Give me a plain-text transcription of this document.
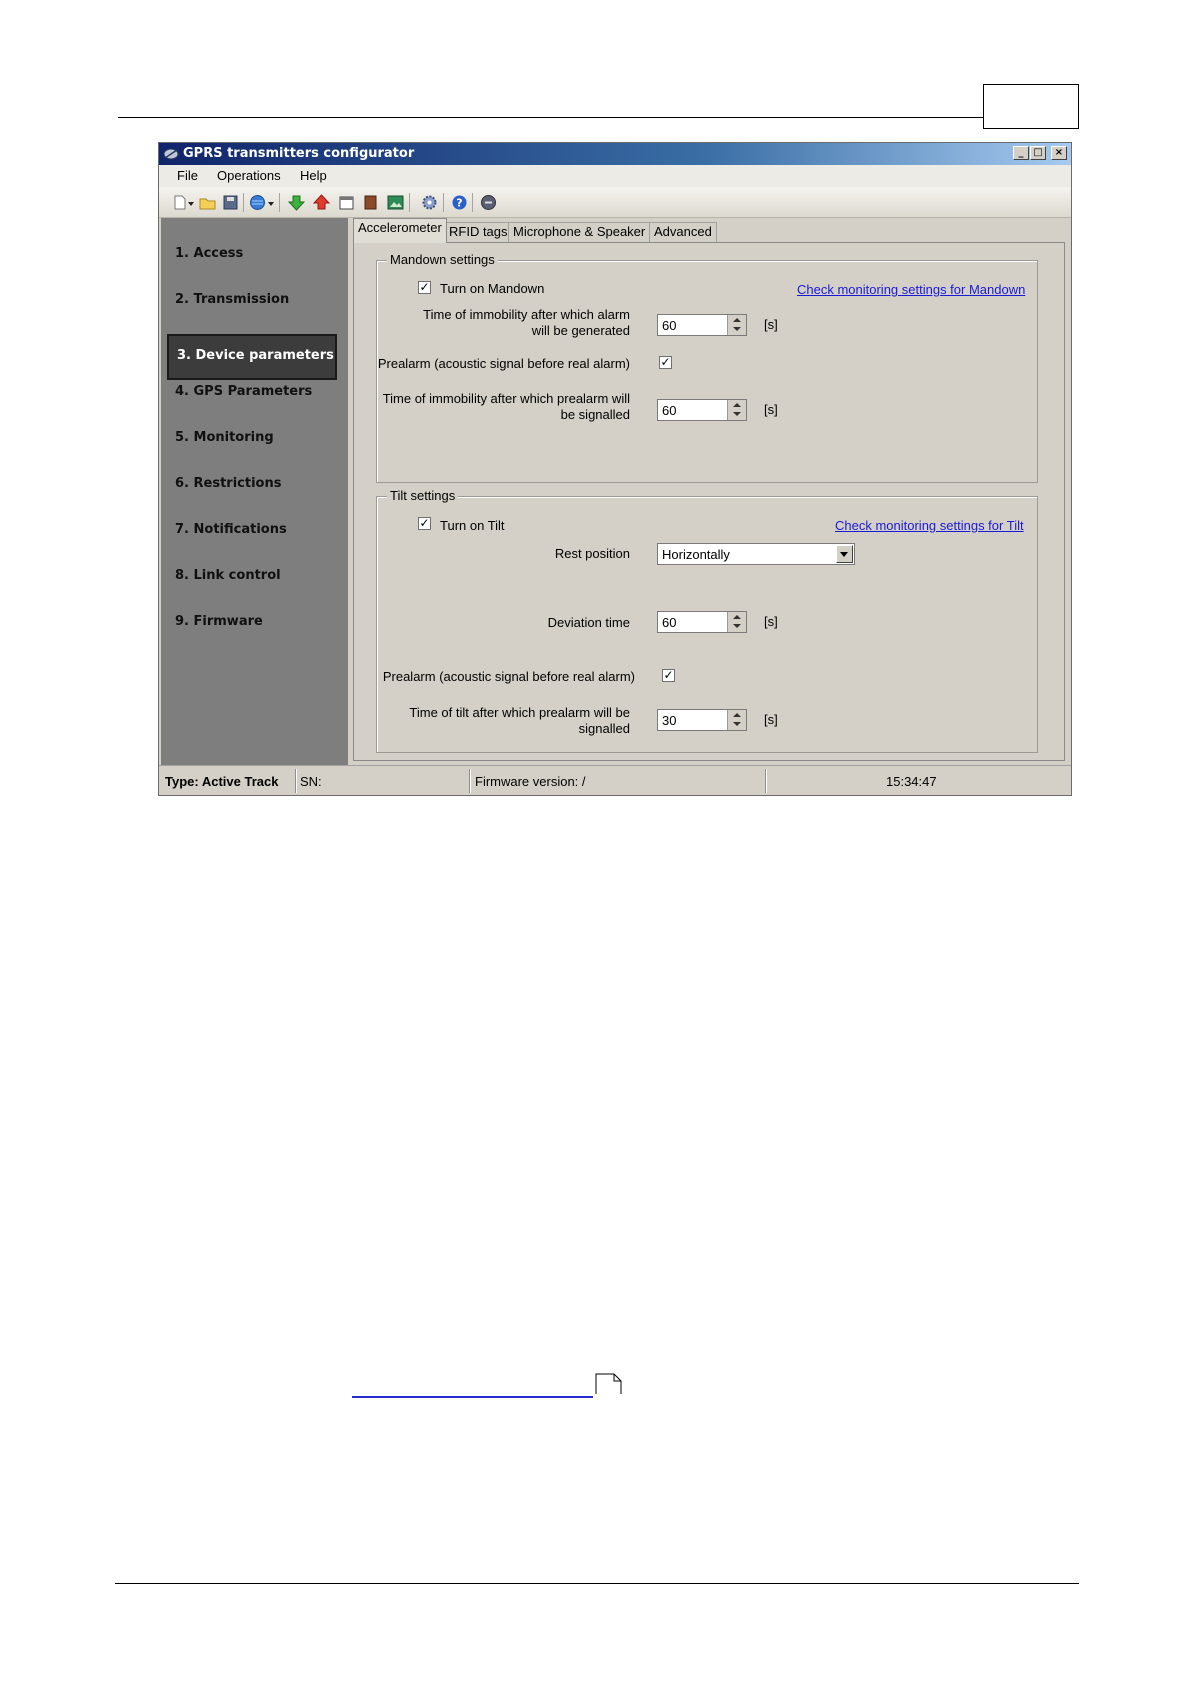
GPRS transmitters configurator	_ □	×
File Operations Help
?
1. Access
2. Transmission
3. Device parameters
4. GPS Parameters
5. Monitoring
6. Restrictions
7. Notifications
8. Link control
9. Firmware
Accelerometer RFID tags Microphone & Speaker Advanced
Mandown settings
✓ Turn on Mandown	Check monitoring settings for Mandown
Time of immobility after which alarm
will be generated 60	[s]
Prealarm (acoustic signal before real alarm)	✓
Time of immobility after which prealarm will
be signalled 60	[s]
Tilt settings
✓ Turn on Tilt	Check monitoring settings for Tilt
Rest position Horizontally
Deviation time 60	[s]
Prealarm (acoustic signal before real alarm) ✓
Time of tilt after which prealarm will be
signalled
30	[s]
Type: Active Track SN:	Firmware version: /	15:34:47
